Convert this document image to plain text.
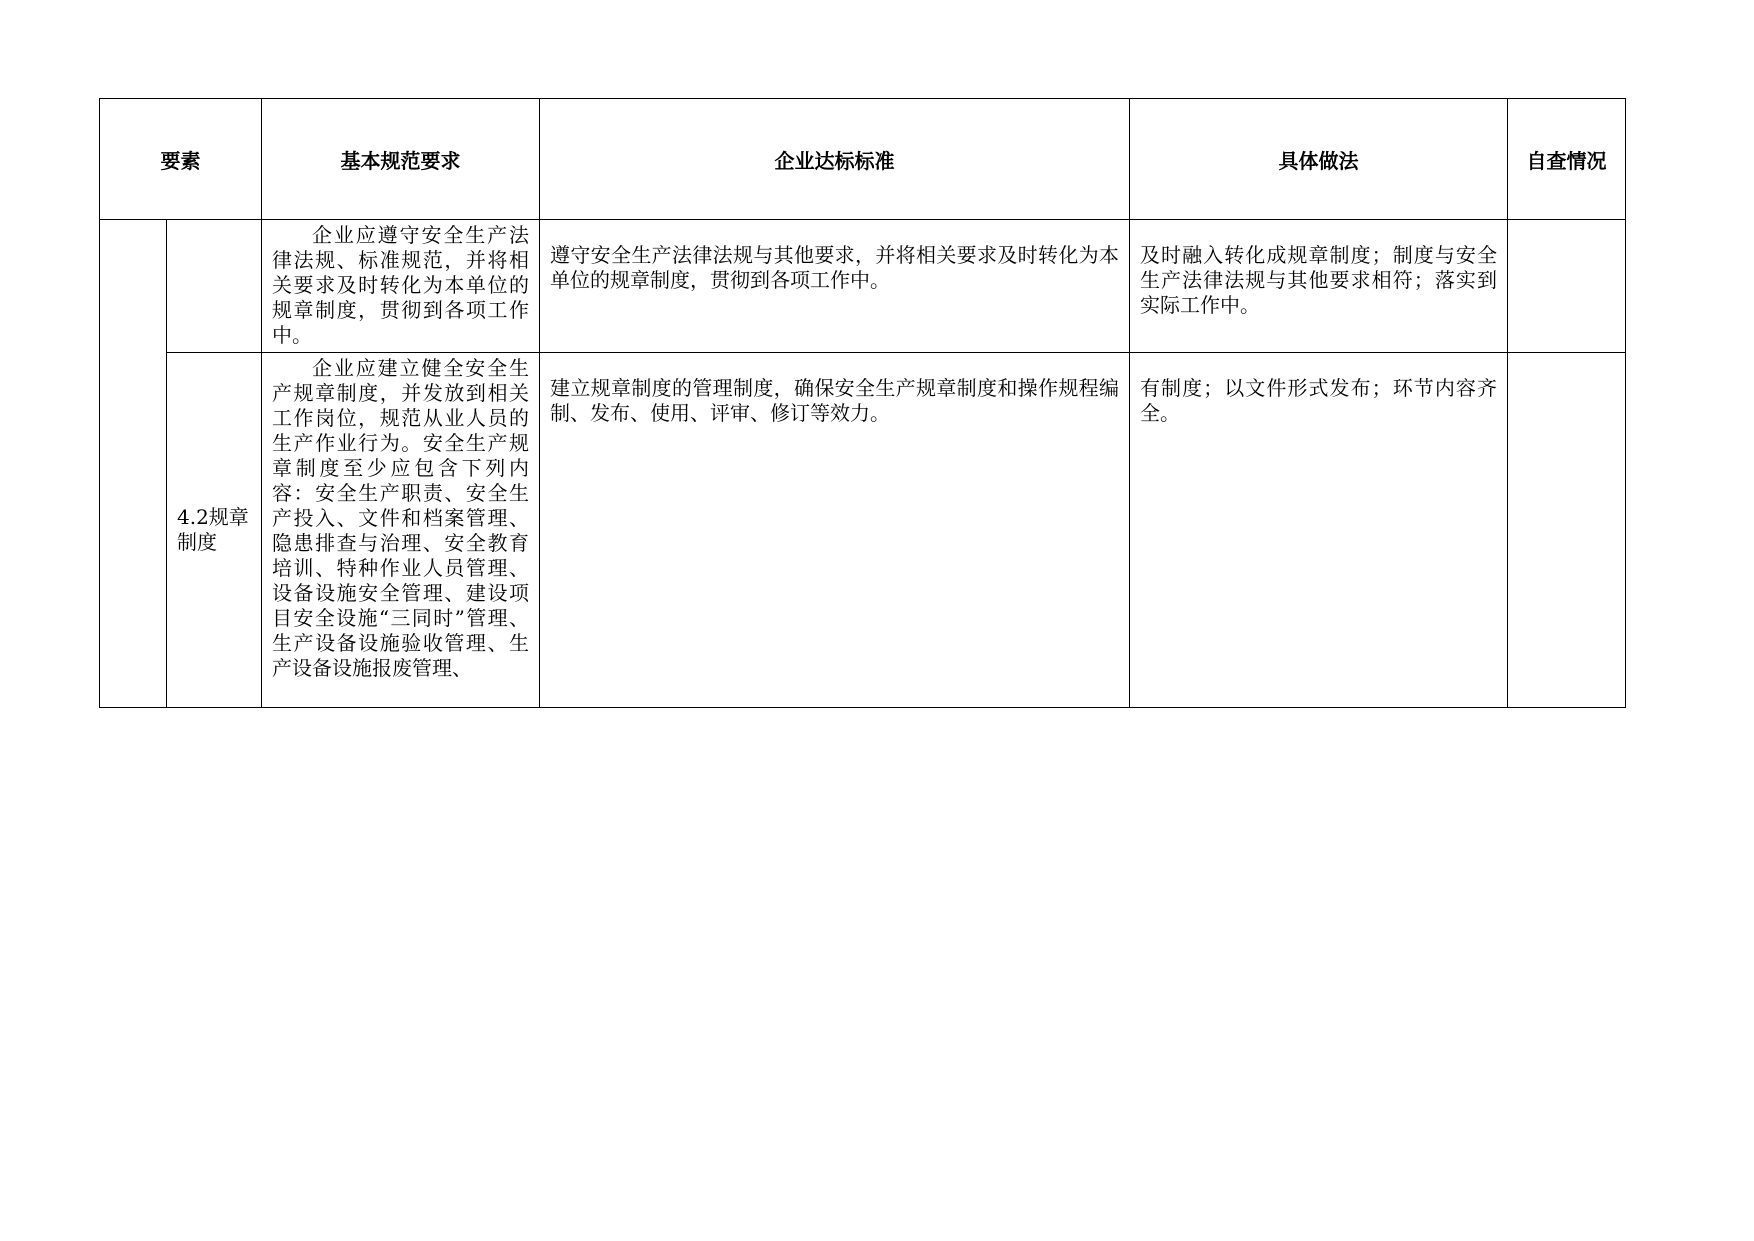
要素		基本规范要求	企业达标标准	具体做法	自查情况

		企业应遵守安全生产法律法规、标准规范，并将相关要求及时转化为本单位的规章制度，贯彻到各项工作中。	遵守安全生产法律法规与其他要求，并将相关要求及时转化为本单位的规章制度，贯彻到各项工作中。	及时融入转化成规章制度；制度与安全生产法律法规与其他要求相符；落实到实际工作中。	

	4.2规章制度	企业应建立健全安全生产规章制度，并发放到相关工作岗位，规范从业人员的生产作业行为。安全生产规章制度至少应包含下列内容：安全生产职责、安全生产投入、文件和档案管理、隐患排查与治理、安全教育培训、特种作业人员管理、设备设施安全管理、建设项目安全设施“三同时”管理、生产设备设施验收管理、生产设备设施报废管理、	建立规章制度的管理制度，确保安全生产规章制度和操作规程编制、发布、使用、评审、修订等效力。	有制度；以文件形式发布；环节内容齐全。	
